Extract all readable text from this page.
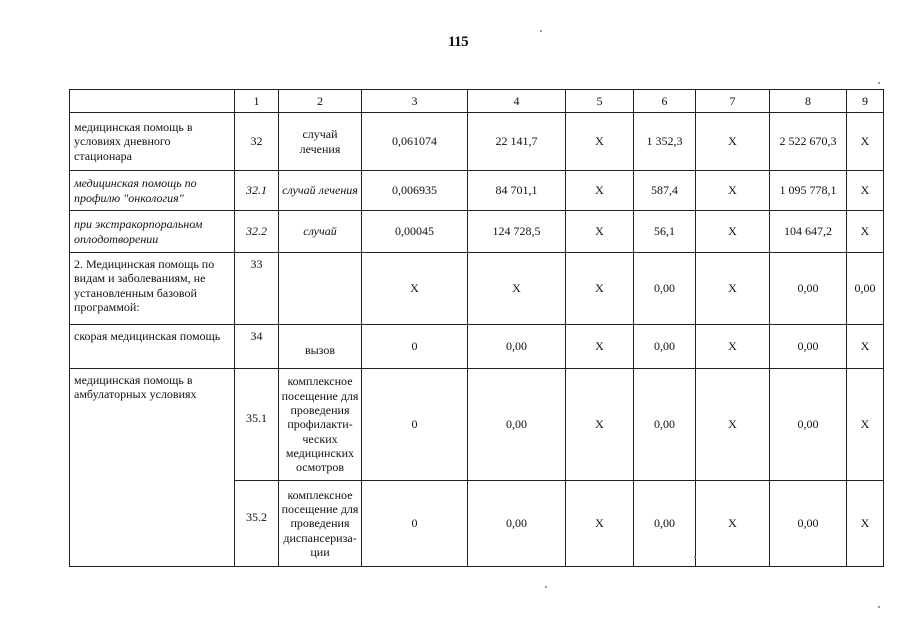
115
	1	2	3	4	5	6	7	8	9
медицинская помощь в условиях дневного стационара	32	случай лечения	0,061074	22 141,7	Х	1 352,3	Х	2 522 670,3	Х
медицинская помощь по профилю "онкология"	32.1	случай лечения	0,006935	84 701,1	Х	587,4	Х	1 095 778,1	Х
при экстракорпоральном оплодотворении	32.2	случай	0,00045	124 728,5	Х	56,1	Х	104 647,2	Х
2. Медицинская помощь по видам и заболеваниям, не установленным базовой программой:	33		Х	Х	Х	0,00	Х	0,00	0,00
скорая медицинская помощь	34	вызов	0	0,00	Х	0,00	Х	0,00	Х
медицинская помощь в амбулаторных условиях	35.1	комплексное посещение для проведения профилакти-ческих медицинских осмотров	0	0,00	Х	0,00	Х	0,00	Х
	35.2	комплексное посещение для проведения диспансериза-ции	0	0,00	Х	0,00	Х	0,00	Х
